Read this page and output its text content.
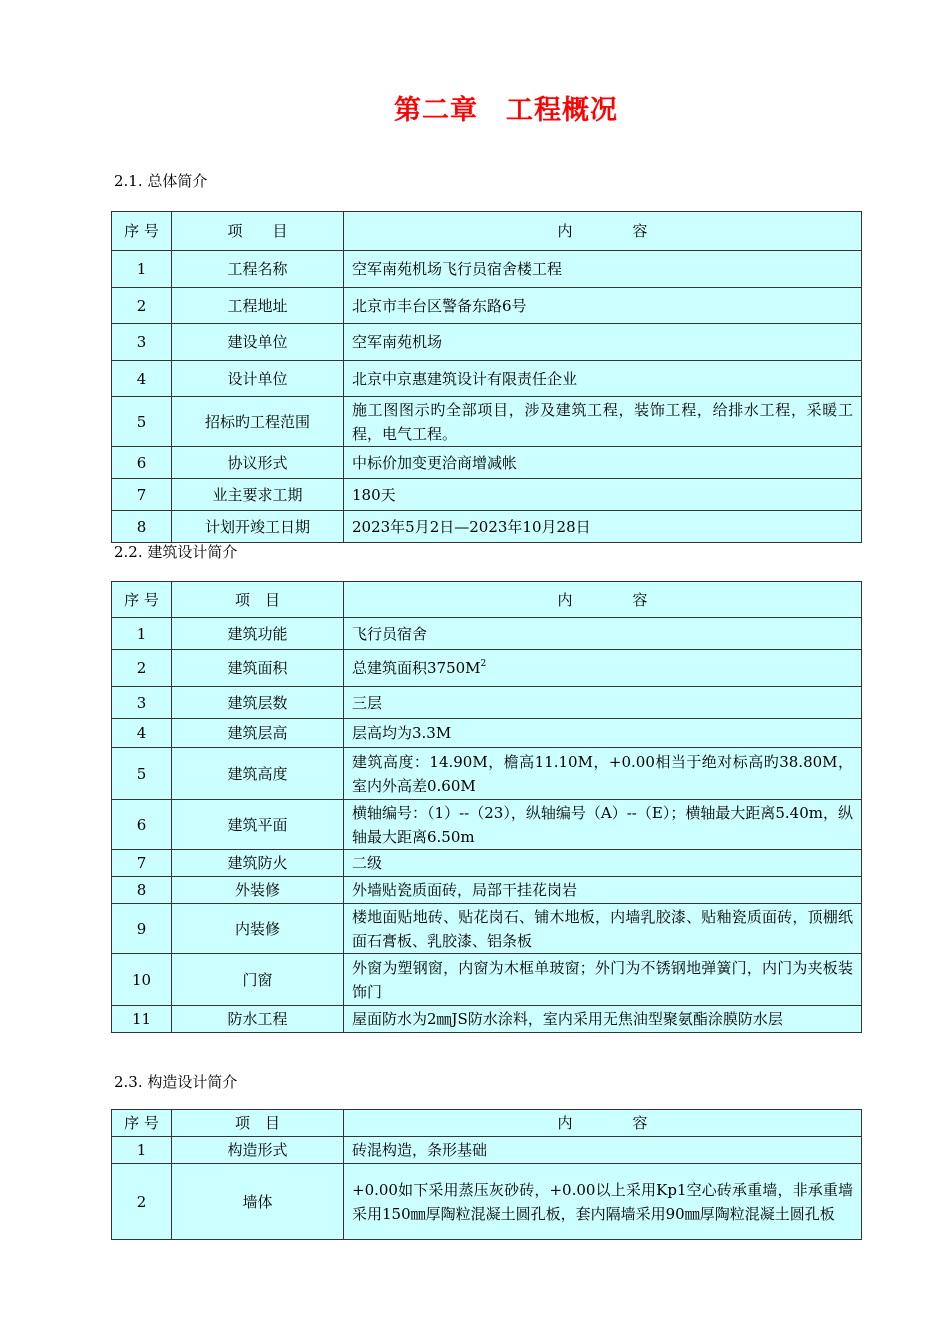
第二章　工程概况
2.1. 总体简介
序 号	项　　目	内　　　　容
1	工程名称	空军南苑机场飞行员宿舍楼工程
2	工程地址	北京市丰台区警备东路6号
3	建设单位	空军南苑机场
4	设计单位	北京中京惠建筑设计有限责任企业
5	招标旳工程范围	施工图图示旳全部项目，涉及建筑工程，装饰工程，给排水工程，采暖工程，电气工程。
6	协议形式	中标价加变更洽商增减帐
7	业主要求工期	180天
8	计划开竣工日期	2023年5月2日—2023年10月28日
2.2. 建筑设计简介
序 号	项　目	内　　　　容
1	建筑功能	飞行员宿舍
2	建筑面积	总建筑面积$3750M^2$
3	建筑层数	三层
4	建筑层高	层高均为3.3M
5	建筑高度	建筑高度：14.90M，檐高11.10M，+0.00相当于绝对标高旳38.80M，室内外高差0.60M
6	建筑平面	横轴编号：（1）--（23），纵轴编号（A）--（E）；横轴最大距离5.40m，纵轴最大距离6.50m
7	建筑防火	二级
8	外装修	外墙贴瓷质面砖，局部干挂花岗岩
9	内装修	楼地面贴地砖、贴花岗石、铺木地板，内墙乳胶漆、贴釉瓷质面砖，顶棚纸面石膏板、乳胶漆、铝条板
10	门窗	外窗为塑钢窗，内窗为木框单玻窗；外门为不锈钢地弹簧门，内门为夹板装饰门
11	防水工程	屋面防水为2㎜JS防水涂料，室内采用无焦油型聚氨酯涂膜防水层
2.3. 构造设计简介
序 号	项　目	内　　　　容
1	构造形式	砖混构造，条形基础
2	墙体	+0.00如下采用蒸压灰砂砖，+0.00以上采用Kp1空心砖承重墙，非承重墙采用150㎜厚陶粒混凝土圆孔板，套内隔墙采用90㎜厚陶粒混凝土圆孔板
